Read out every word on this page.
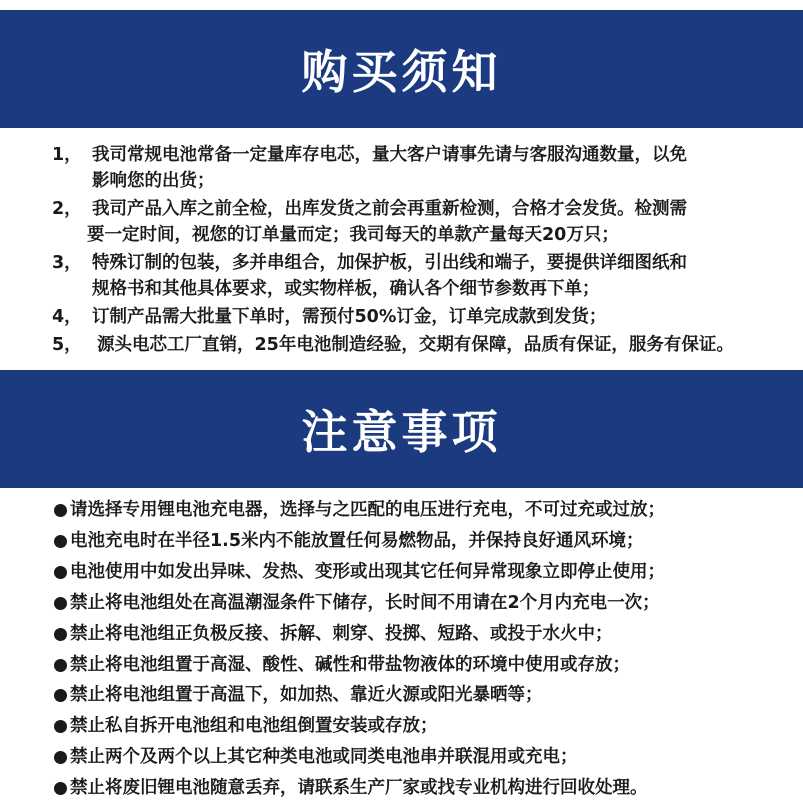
购买须知
1， 我司常规电池常备一定量库存电芯，量大客户请事先请与客服沟通数量，以免
影响您的出货；
2， 我司产品入库之前全检，出库发货之前会再重新检测，合格才会发货。检测需
要一定时间，视您的订单量而定；我司每天的单款产量每天20万只；
3， 特殊订制的包装，多并串组合，加保护板，引出线和端子，要提供详细图纸和
规格书和其他具体要求，或实物样板，确认各个细节参数再下单；
4， 订制产品需大批量下单时，需预付50%订金，订单完成款到发货；
5， 源头电芯工厂直销，25年电池制造经验，交期有保障，品质有保证，服务有保证。
注意事项
请选择专用锂电池充电器，选择与之匹配的电压进行充电，不可过充或过放；
电池充电时在半径1.5米内不能放置任何易燃物品，并保持良好通风环境；
电池使用中如发出异味、发热、变形或出现其它任何异常现象立即停止使用；
禁止将电池组处在高温潮湿条件下储存，长时间不用请在2个月内充电一次；
禁止将电池组正负极反接、拆解、刺穿、投掷、短路、或投于水火中；
禁止将电池组置于高湿、酸性、碱性和带盐物液体的环境中使用或存放；
禁止将电池组置于高温下，如加热、靠近火源或阳光暴晒等；
禁止私自拆开电池组和电池组倒置安装或存放；
禁止两个及两个以上其它种类电池或同类电池串并联混用或充电；
禁止将废旧锂电池随意丢弃，请联系生产厂家或找专业机构进行回收处理。
